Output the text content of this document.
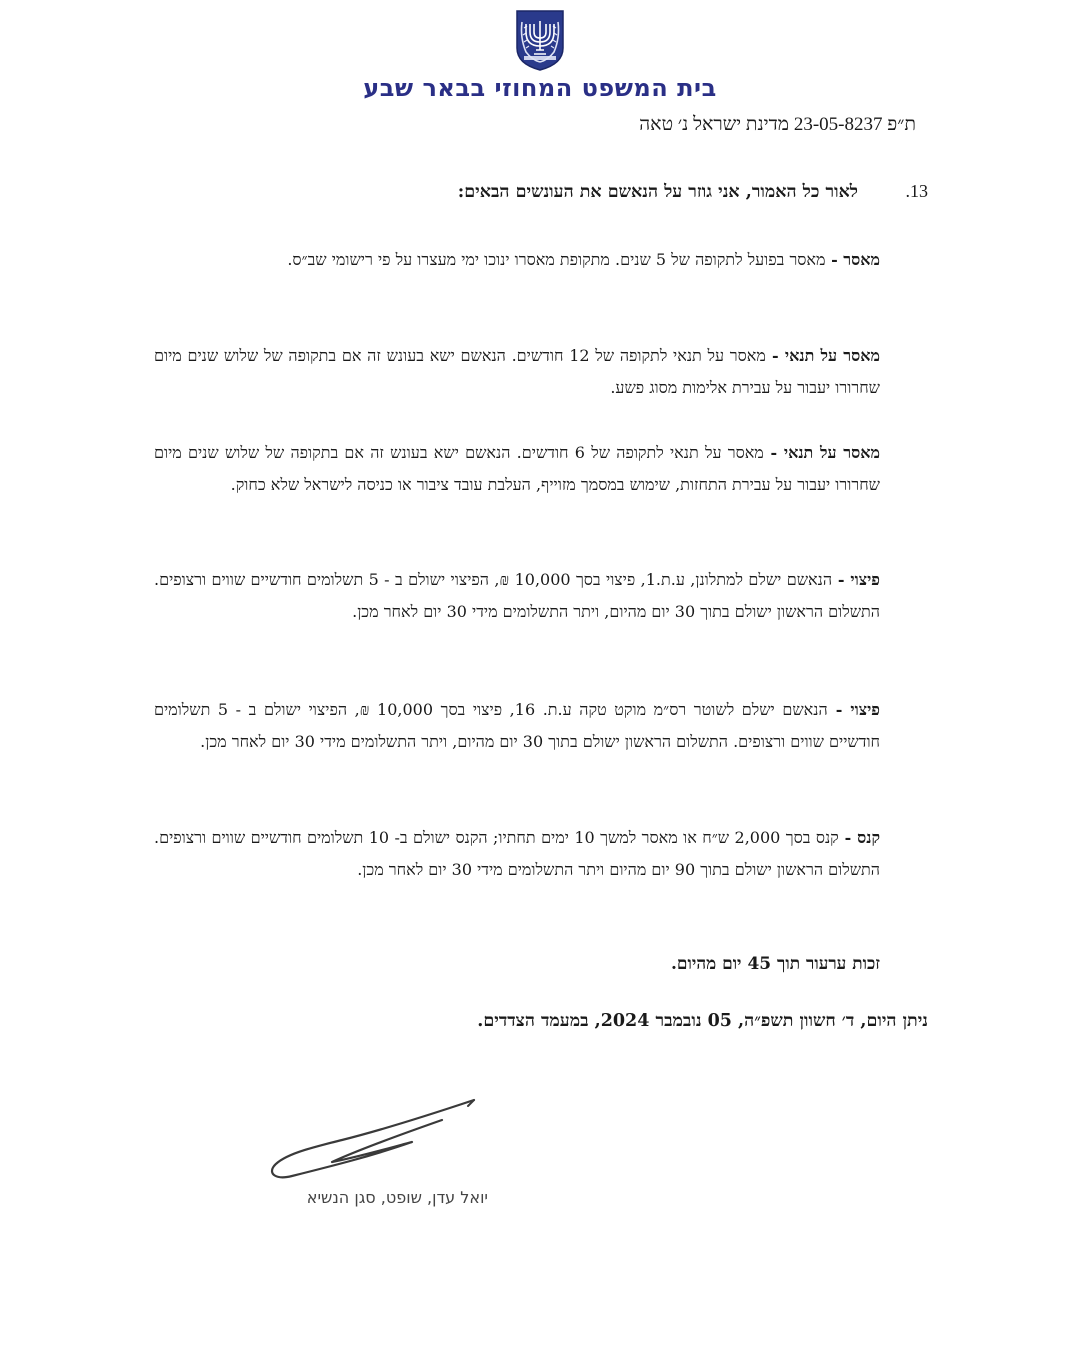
בית המשפט המחוזי בבאר שבע
ת״פ 23-05-8237 מדינת ישראל נ׳ טאה
13.לאור כל האמור, אני גוזר על הנאשם את העונשים הבאים:
מאסר - מאסר בפועל לתקופה של 5 שנים. מתקופת מאסרו ינוכו ימי מעצרו על פי רישומי שב״ס.
מאסר על תנאי - מאסר על תנאי לתקופה של 12 חודשים. הנאשם ישא בעונש זה אם בתקופה של שלוש שנים מיום שחרורו יעבור על עבירת אלימות מסוג פשע.
מאסר על תנאי - מאסר על תנאי לתקופה של 6 חודשים. הנאשם ישא בעונש זה אם בתקופה של שלוש שנים מיום שחרורו יעבור על עבירת התחזות, שימוש במסמך מזוייף, העלבת עובד ציבור או כניסה לישראל שלא כחוק.
פיצוי - הנאשם ישלם למתלונן, ע.ת.1, פיצוי בסך 10,000 ₪, הפיצוי ישולם ב - 5 תשלומים חודשיים שווים ורצופים. התשלום הראשון ישולם בתוך 30 יום מהיום, ויתר התשלומים מידי 30 יום לאחר מכן.
פיצוי - הנאשם ישלם לשוטר רס״מ מוקט טקה ע.ת. 16, פיצוי בסך 10,000 ₪, הפיצוי ישולם ב - 5 תשלומים חודשיים שווים ורצופים. התשלום הראשון ישולם בתוך 30 יום מהיום, ויתר התשלומים מידי 30 יום לאחר מכן.
קנס - קנס בסך 2,000 ש״ח או מאסר למשך 10 ימים תחתיו; הקנס ישולם ב- 10 תשלומים חודשיים שווים ורצופים. התשלום הראשון ישולם בתוך 90 יום מהיום ויתר התשלומים מידי 30 יום לאחר מכן.
זכות ערעור תוך 45 יום מהיום.
ניתן היום, ד׳ חשוון תשפ״ה, 05 נובמבר 2024, במעמד הצדדים.
יואל עדן, שופט, סגן הנשיא
